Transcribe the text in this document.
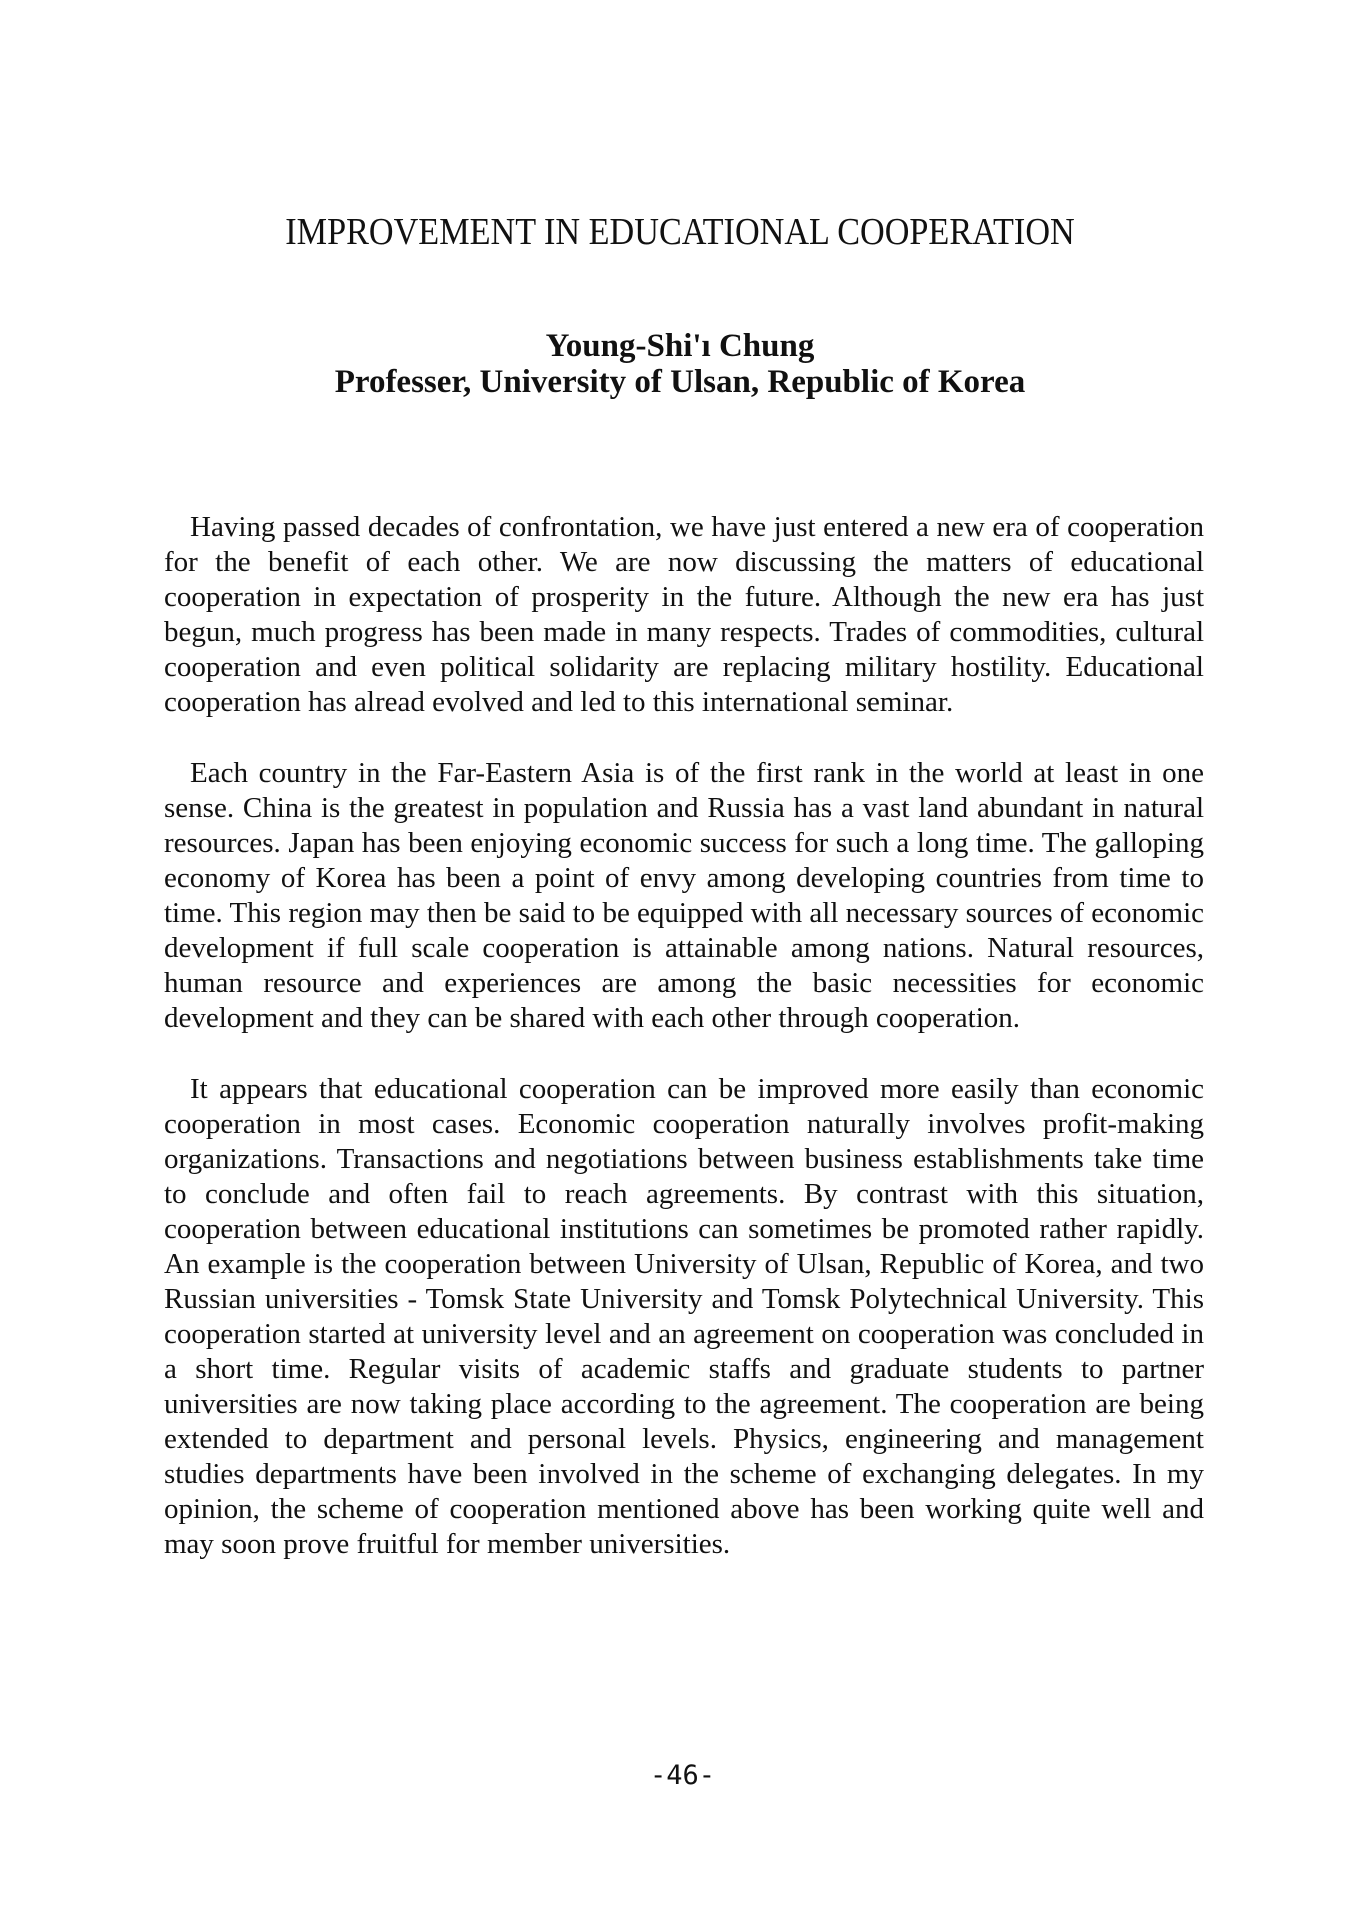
IMPROVEMENT IN EDUCATIONAL COOPERATION
Young-Shi'ı Chung
Professer, University of Ulsan, Republic of Korea

Having passed decades of confrontation, we have just entered a new era of cooperation for the benefit of each other. We are now discussing the matters of educational cooperation in expectation of prosperity in the future. Although the new era has just begun, much progress has been made in many respects. Trades of commodities, cultural cooperation and even political solidarity are replacing military hostility. Educational cooperation has alread evolved and led to this international seminar.

Each country in the Far-Eastern Asia is of the first rank in the world at least in one sense. China is the greatest in population and Russia has a vast land abundant in natural resources. Japan has been enjoying economic success for such a long time. The galloping economy of Korea has been a point of envy among developing countries from time to time. This region may then be said to be equipped with all necessary sources of economic development if full scale cooperation is attainable among nations. Natural resources, human resource and experiences are among the basic necessities for economic development and they can be shared with each other through cooperation.

It appears that educational cooperation can be improved more easily than economic cooperation in most cases. Economic cooperation naturally involves profit-making organizations. Transactions and negotiations between business establishments take time to conclude and often fail to reach agreements. By contrast with this situation, cooperation between educational institutions can sometimes be promoted rather rapidly. An example is the cooperation between University of Ulsan, Republic of Korea, and two Russian universities - Tomsk State University and Tomsk Polytechnical University. This cooperation started at university level and an agreement on cooperation was concluded in a short time. Regular visits of academic staffs and graduate students to partner universities are now taking place according to the agreement. The cooperation are being extended to department and personal levels. Physics, engineering and management studies departments have been involved in the scheme of exchanging delegates. In my opinion, the scheme of cooperation mentioned above has been working quite well and may soon prove fruitful for member universities.

-46-
